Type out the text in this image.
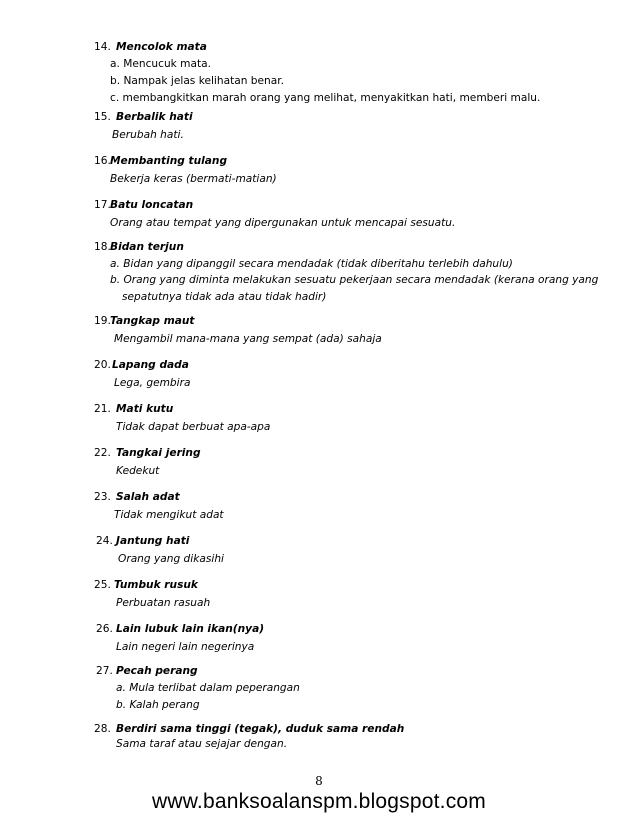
14. Mencolok mata
a. Mencucuk mata.
b. Nampak jelas kelihatan benar.
c. membangkitkan marah orang yang melihat, menyakitkan hati, memberi malu.
15. Berbalik hati
Berubah hati.
16. Membanting tulang
Bekerja keras (bermati-matian)
17. Batu loncatan
Orang atau tempat yang dipergunakan untuk mencapai sesuatu.
18. Bidan terjun
a. Bidan yang dipanggil secara mendadak (tidak diberitahu terlebih dahulu)
b. Orang yang diminta melakukan sesuatu pekerjaan secara mendadak (kerana orang yang
sepatutnya tidak ada atau tidak hadir)
19. Tangkap maut
Mengambil mana-mana yang sempat (ada) sahaja
20. Lapang dada
Lega, gembira
21. Mati kutu
Tidak dapat berbuat apa-apa
22. Tangkai jering
Kedekut
23. Salah adat
Tidak mengikut adat
24. Jantung hati
Orang yang dikasihi
25. Tumbuk rusuk
Perbuatan rasuah
26. Lain lubuk lain ikan(nya)
Lain negeri lain negerinya
27. Pecah perang
a. Mula terlibat dalam peperangan
b. Kalah perang
28. Berdiri sama tinggi (tegak), duduk sama rendah
Sama taraf atau sejajar dengan.
8
www.banksoalanspm.blogspot.com
